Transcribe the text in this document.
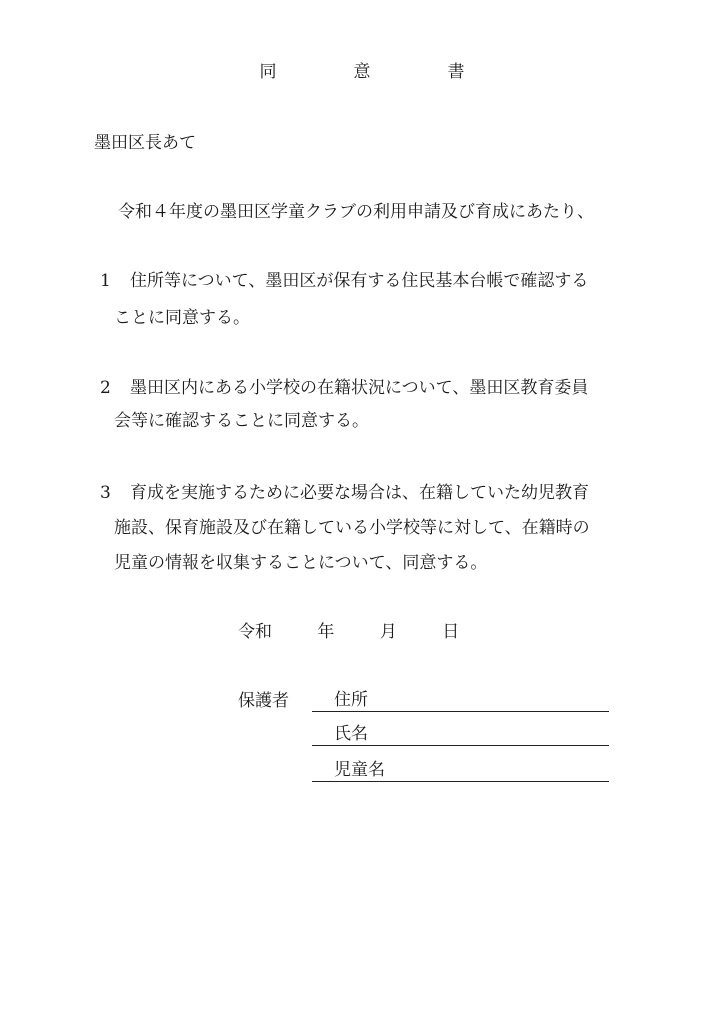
同　意　書
墨田区長あて
令和４年度の墨田区学童クラブの利用申請及び育成にあたり、
1 住所等について、墨田区が保有する住民基本台帳で確認する
ことに同意する。
2 墨田区内にある小学校の在籍状況について、墨田区教育委員
会等に確認することに同意する。
3 育成を実施するために必要な場合は、在籍していた幼児教育
施設、保育施設及び在籍している小学校等に対して、在籍時の
児童の情報を収集することについて、同意する。
令和	年	月	日
保護者	住所
氏名
児童名
